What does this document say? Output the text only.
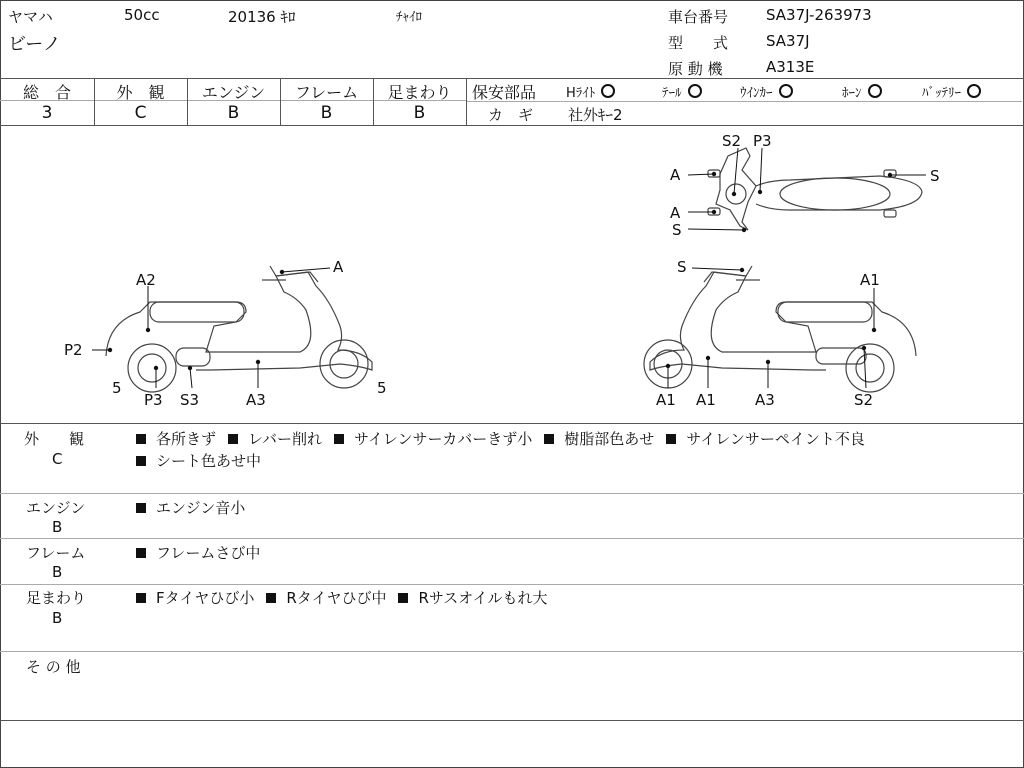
ヤマハ	50cc	20136 ｷﾛ	ﾁｬｲﾛ
ビーノ
車台番号	SA37J-263973
型　　式	SA37J
原 動 機	A313E
総　合
3
外　観
C
エンジン
B
フレーム
B
足まわり
B
保安部品 Hﾗｲﾄ	ﾃｰﾙ	ｳｲﾝｶｰ	ﾎｰﾝ	ﾊﾞｯﾃﾘｰ
カ　ギ 社外ｷｰ2
S2 P3
A
A
S
S
A
A2
P2
5
P3 S3	A3
5
S
A1
A1 A1	A3	S2
外　　観
C
各所きず レバー削れ サイレンサーカバーきず小 樹脂部色あせ サイレンサーペイント不良
シート色あせ中
エンジン
B
エンジン音小
フレーム
B
フレームさび中
足まわり
B
Fタイヤひび小 Rタイヤひび中 Rサスオイルもれ大
そ の 他
